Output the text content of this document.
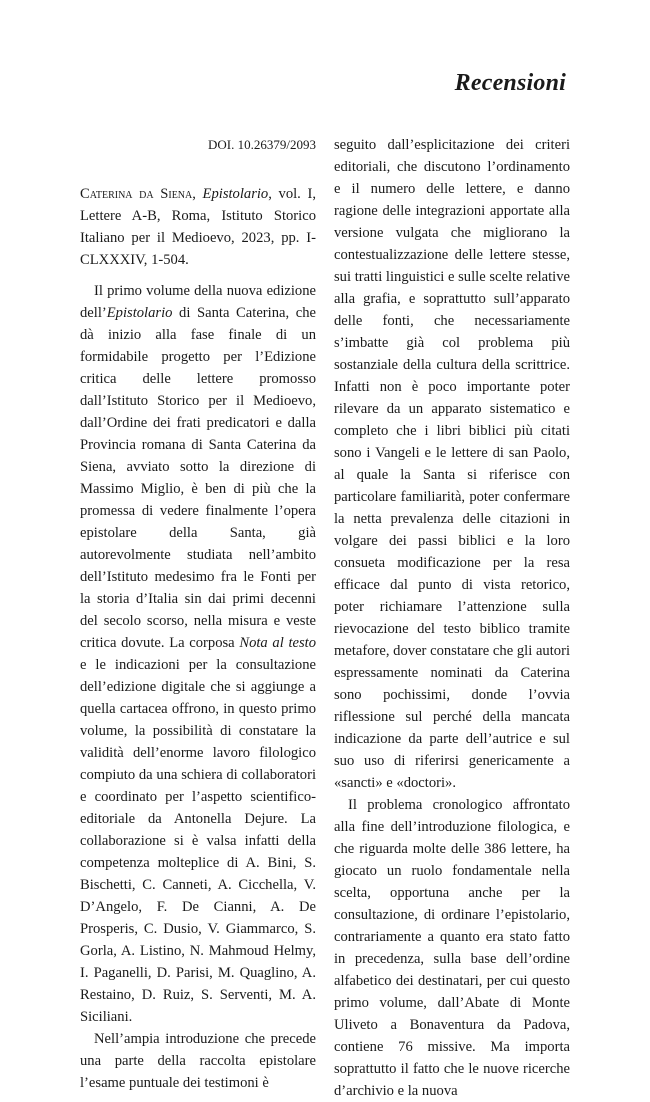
Recensioni
DOI. 10.26379/2093

Caterina da Siena, Epistolario, vol. I, Lettere A-B, Roma, Istituto Storico Italiano per il Medioevo, 2023, pp. I-CLXXXIV, 1-504.

Il primo volume della nuova edizione dell’Epistolario di Santa Caterina, che dà inizio alla fase finale di un formidabile progetto per l’Edizione critica delle lettere promosso dall’Istituto Storico per il Medioevo, dall’Ordine dei frati predicatori e dalla Provincia romana di Santa Caterina da Siena, avviato sotto la direzione di Massimo Miglio, è ben di più che la promessa di vedere finalmente l’opera epistolare della Santa, già autorevolmente studiata nell’ambito dell’Istituto medesimo fra le Fonti per la storia d’Italia sin dai primi decenni del secolo scorso, nella misura e veste critica dovute. La corposa Nota al testo e le indicazioni per la consultazione dell’edizione digitale che si aggiunge a quella cartacea offrono, in questo primo volume, la possibilità di constatare la validità dell’enorme lavoro filologico compiuto da una schiera di collaboratori e coordinato per l’aspetto scientifico-editoriale da Antonella Dejure. La collaborazione si è valsa infatti della competenza molteplice di A. Bini, S. Bischetti, C. Canneti, A. Cicchella, V. D’Angelo, F. De Cianni, A. De Prosperis, C. Dusio, V. Giammarco, S. Gorla, A. Listino, N. Mahmoud Helmy, I. Paganelli, D. Parisi, M. Quaglino, A. Restaino, D. Ruiz, S. Serventi, M. A. Siciliani.

Nell’ampia introduzione che precede una parte della raccolta epistolare l’esame puntuale dei testimoni è

seguito dall’esplicitazione dei criteri editoriali, che discutono l’ordinamento e il numero delle lettere, e danno ragione delle integrazioni apportate alla versione vulgata che migliorano la contestualizzazione delle lettere stesse, sui tratti linguistici e sulle scelte relative alla grafia, e soprattutto sull’apparato delle fonti, che necessariamente s’imbatte già col problema più sostanziale della cultura della scrittrice. Infatti non è poco importante poter rilevare da un apparato sistematico e completo che i libri biblici più citati sono i Vangeli e le lettere di san Paolo, al quale la Santa si riferisce con particolare familiarità, poter confermare la netta prevalenza delle citazioni in volgare dei passi biblici e la loro consueta modificazione per la resa efficace dal punto di vista retorico, poter richiamare l’attenzione sulla rievocazione del testo biblico tramite metafore, dover constatare che gli autori espressamente nominati da Caterina sono pochissimi, donde l’ovvia riflessione sul perché della mancata indicazione da parte dell’autrice e sul suo uso di riferirsi genericamente a «sancti» e «doctori».

Il problema cronologico affrontato alla fine dell’introduzione filologica, e che riguarda molte delle 386 lettere, ha giocato un ruolo fondamentale nella scelta, opportuna anche per la consultazione, di ordinare l’epistolario, contrariamente a quanto era stato fatto in precedenza, sulla base dell’ordine alfabetico dei destinatari, per cui questo primo volume, dall’Abate di Monte Uliveto a Bonaventura da Padova, contiene 76 missive. Ma importa soprattutto il fatto che le nuove ricerche d’archivio e la nuova
